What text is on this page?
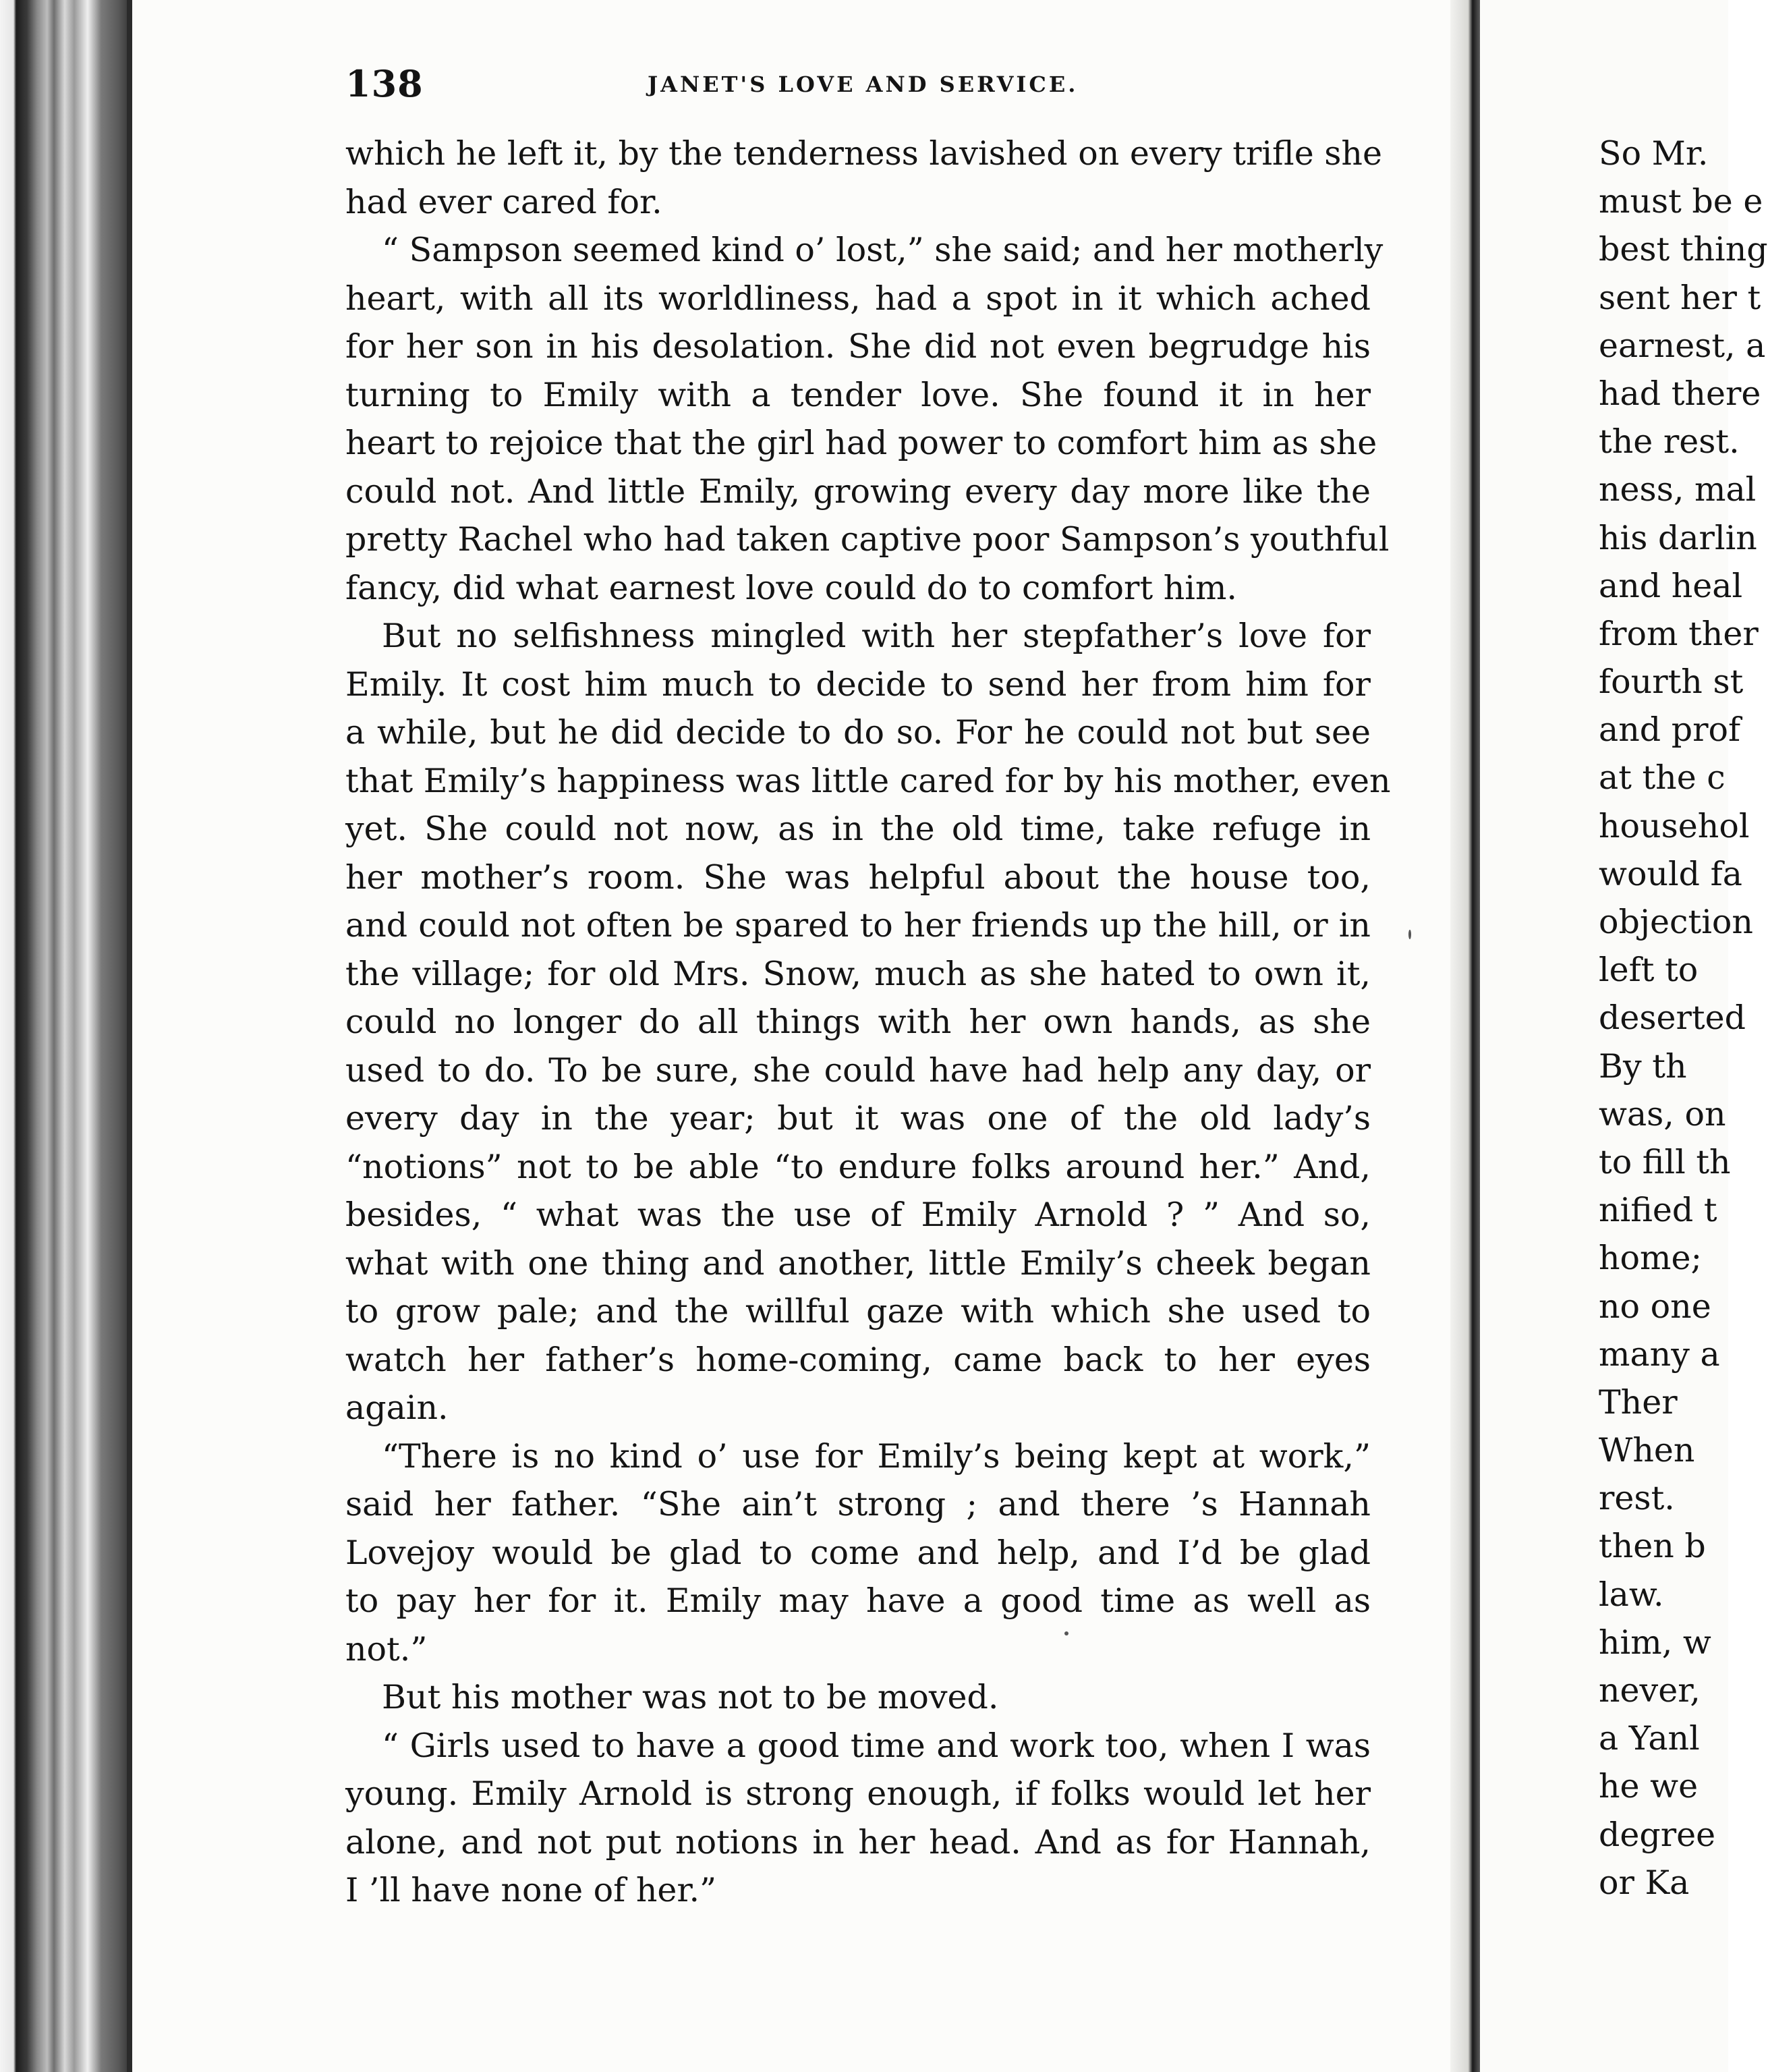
138	JANET'S LOVE AND SERVICE.
which he left it, by the tenderness lavished on every trifle she
had ever cared for.
“ Sampson seemed kind o’ lost,” she said; and her motherly
heart, with all its worldliness, had a spot in it which ached
for her son in his desolation. She did not even begrudge his
turning to Emily with a tender love. She found it in her
heart to rejoice that the girl had power to comfort him as she
could not. And little Emily, growing every day more like the
pretty Rachel who had taken captive poor Sampson’s youthful
fancy, did what earnest love could do to comfort him.
But no selfishness mingled with her stepfather’s love for
Emily. It cost him much to decide to send her from him for
a while, but he did decide to do so. For he could not but see
that Emily’s happiness was little cared for by his mother, even
yet. She could not now, as in the old time, take refuge in
her mother’s room. She was helpful about the house too,
and could not often be spared to her friends up the hill, or in
the village; for old Mrs. Snow, much as she hated to own it,
could no longer do all things with her own hands, as she
used to do. To be sure, she could have had help any day, or
every day in the year; but it was one of the old lady’s
“notions” not to be able “to endure folks around her.” And,
besides, “ what was the use of Emily Arnold ? ” And so,
what with one thing and another, little Emily’s cheek began
to grow pale; and the willful gaze with which she used to
watch her father’s home-coming, came back to her eyes
again.
“There is no kind o’ use for Emily’s being kept at work,”
said her father. “She ain’t strong ; and there ’s Hannah
Lovejoy would be glad to come and help, and I’d be glad
to pay her for it. Emily may have a good time as well as
not.”
But his mother was not to be moved.
“ Girls used to have a good time and work too, when I was
young. Emily Arnold is strong enough, if folks would let her
alone, and not put notions in her head. And as for Hannah,
I ’ll have none of her.”
So Mr.
must be e
best thing
sent her t
earnest, a
had there
the rest.
ness, mal
his darlin
and heal
from ther
fourth st
and prof
at the c
househol
would fa
objection
left to
deserted
By th
was, on
to fill th
nified t
home;
no one
many a
Ther
When
rest.
then b
law.
him, w
never,
a Yanl
he we
degree
or Ka
